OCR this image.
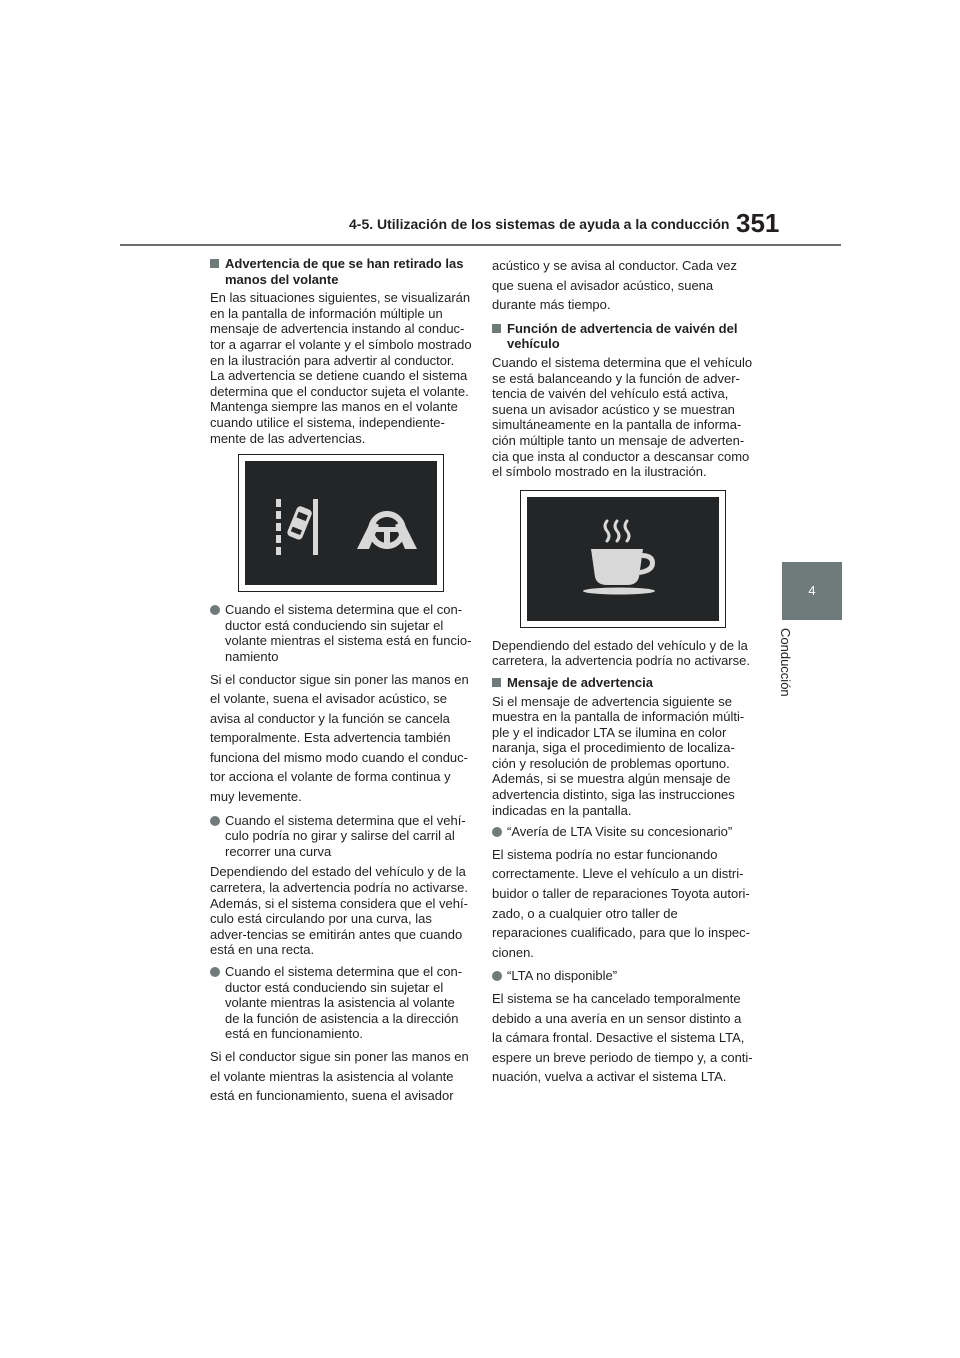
4-5. Utilización de los sistemas de ayuda a la conducción 351
4
Conducción
Advertencia de que se han retirado las manos del volante

En las situaciones siguientes, se visualizarán en la pantalla de información múltiple un mensaje de advertencia instando al conduc-tor a agarrar el volante y el símbolo mostrado en la ilustración para advertir al conductor. La advertencia se detiene cuando el sistema determina que el conductor sujeta el volante. Mantenga siempre las manos en el volante cuando utilice el sistema, independiente-mente de las advertencias.

Cuando el sistema determina que el con-ductor está conduciendo sin sujetar el volante mientras el sistema está en funcio-namiento

Si el conductor sigue sin poner las manos en el volante, suena el avisador acústico, se avisa al conductor y la función se cancela temporalmente. Esta advertencia también funciona del mismo modo cuando el conduc-tor acciona el volante de forma continua y muy levemente.

Cuando el sistema determina que el vehí-culo podría no girar y salirse del carril al recorrer una curva

Dependiendo del estado del vehículo y de la carretera, la advertencia podría no activarse. Además, si el sistema considera que el vehí-culo está circulando por una curva, las adver-tencias se emitirán antes que cuando está en una recta.

Cuando el sistema determina que el con-ductor está conduciendo sin sujetar el volante mientras la asistencia al volante de la función de asistencia a la dirección está en funcionamiento.

Si el conductor sigue sin poner las manos en el volante mientras la asistencia al volante está en funcionamiento, suena el avisador

acústico y se avisa al conductor. Cada vez que suena el avisador acústico, suena durante más tiempo.

Función de advertencia de vaivén del vehículo

Cuando el sistema determina que el vehículo se está balanceando y la función de adver-tencia de vaivén del vehículo está activa, suena un avisador acústico y se muestran simultáneamente en la pantalla de informa-ción múltiple tanto un mensaje de adverten-cia que insta al conductor a descansar como el símbolo mostrado en la ilustración.

Dependiendo del estado del vehículo y de la carretera, la advertencia podría no activarse.

Mensaje de advertencia

Si el mensaje de advertencia siguiente se muestra en la pantalla de información múlti-ple y el indicador LTA se ilumina en color naranja, siga el procedimiento de localiza-ción y resolución de problemas oportuno. Además, si se muestra algún mensaje de advertencia distinto, siga las instrucciones indicadas en la pantalla.

“Avería de LTA Visite su concesionario”

El sistema podría no estar funcionando correctamente. Lleve el vehículo a un distri-buidor o taller de reparaciones Toyota autori-zado, o a cualquier otro taller de reparaciones cualificado, para que lo inspec-cionen.

“LTA no disponible”

El sistema se ha cancelado temporalmente debido a una avería en un sensor distinto a la cámara frontal. Desactive el sistema LTA, espere un breve periodo de tiempo y, a conti-nuación, vuelva a activar el sistema LTA.
